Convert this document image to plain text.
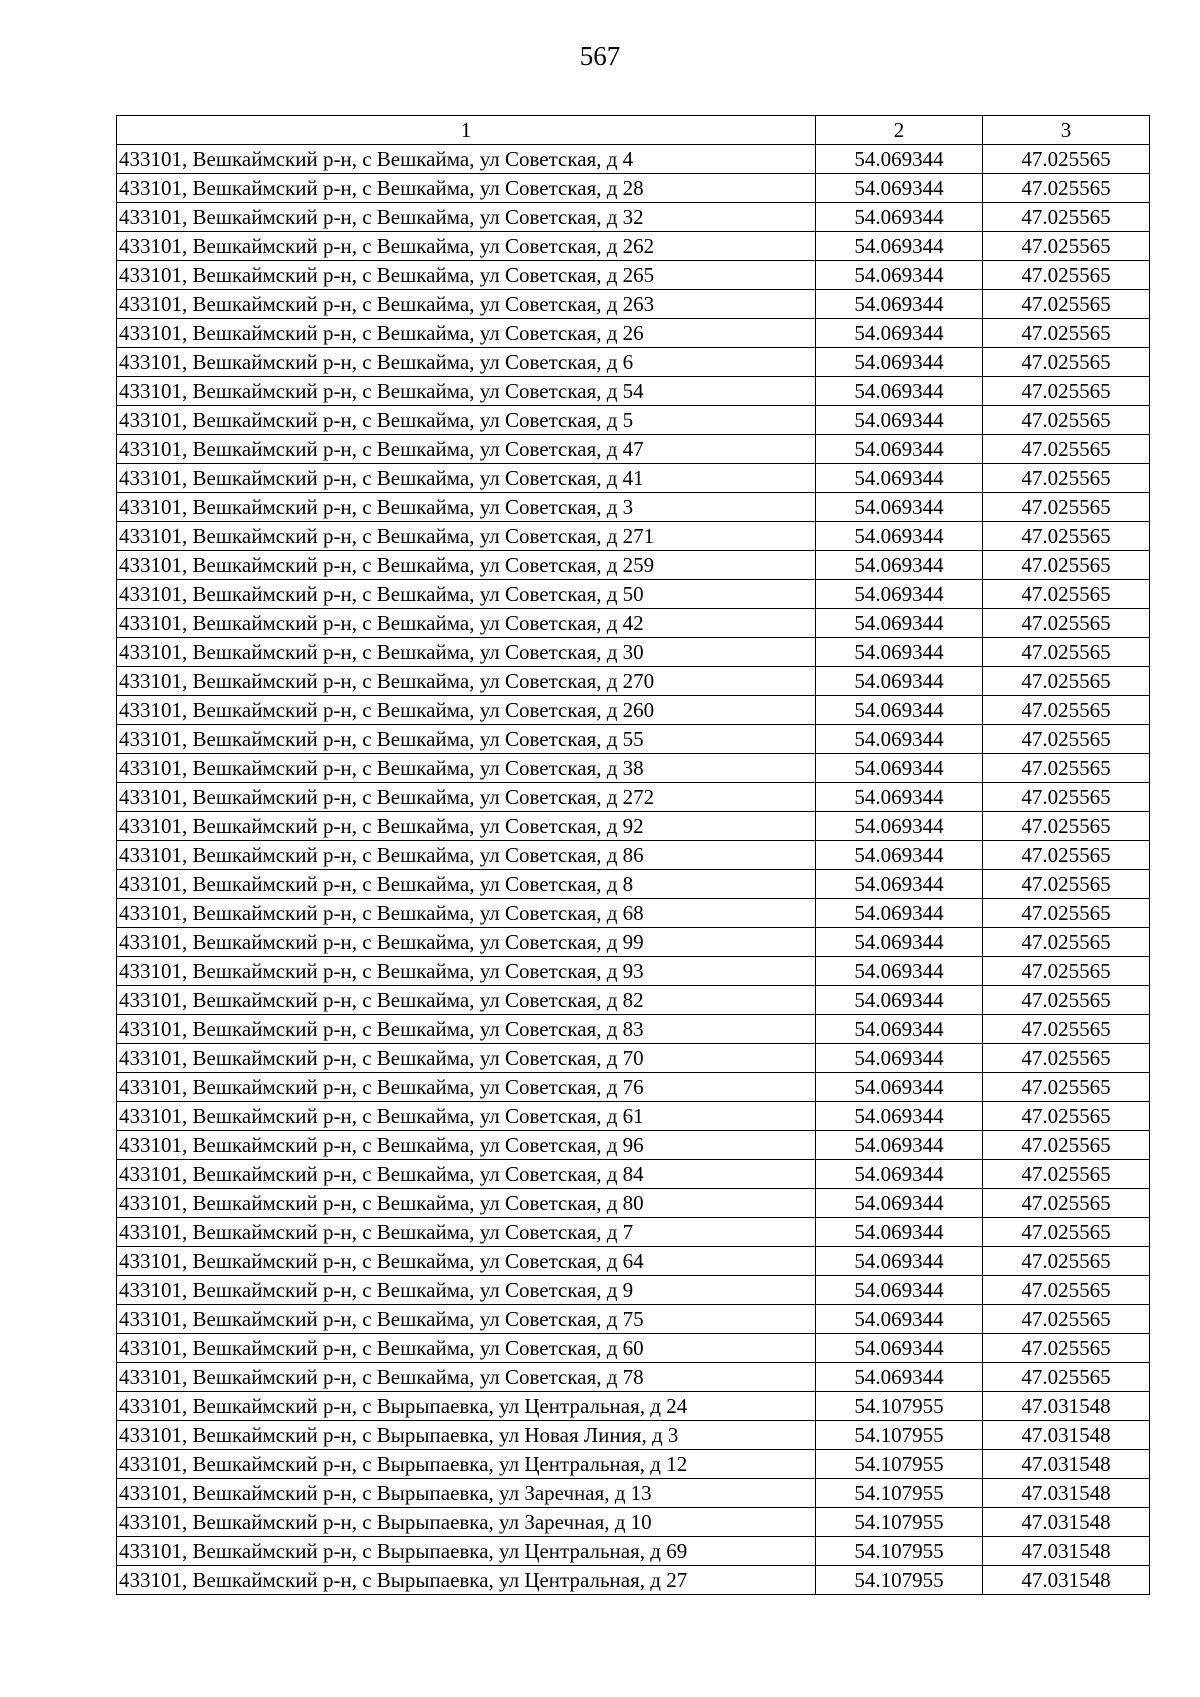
567
1	2	3
433101, Вешкаймский р-н, с Вешкайма, ул Советская, д 4	54.069344	47.025565
433101, Вешкаймский р-н, с Вешкайма, ул Советская, д 28	54.069344	47.025565
433101, Вешкаймский р-н, с Вешкайма, ул Советская, д 32	54.069344	47.025565
433101, Вешкаймский р-н, с Вешкайма, ул Советская, д 262	54.069344	47.025565
433101, Вешкаймский р-н, с Вешкайма, ул Советская, д 265	54.069344	47.025565
433101, Вешкаймский р-н, с Вешкайма, ул Советская, д 263	54.069344	47.025565
433101, Вешкаймский р-н, с Вешкайма, ул Советская, д 26	54.069344	47.025565
433101, Вешкаймский р-н, с Вешкайма, ул Советская, д 6	54.069344	47.025565
433101, Вешкаймский р-н, с Вешкайма, ул Советская, д 54	54.069344	47.025565
433101, Вешкаймский р-н, с Вешкайма, ул Советская, д 5	54.069344	47.025565
433101, Вешкаймский р-н, с Вешкайма, ул Советская, д 47	54.069344	47.025565
433101, Вешкаймский р-н, с Вешкайма, ул Советская, д 41	54.069344	47.025565
433101, Вешкаймский р-н, с Вешкайма, ул Советская, д 3	54.069344	47.025565
433101, Вешкаймский р-н, с Вешкайма, ул Советская, д 271	54.069344	47.025565
433101, Вешкаймский р-н, с Вешкайма, ул Советская, д 259	54.069344	47.025565
433101, Вешкаймский р-н, с Вешкайма, ул Советская, д 50	54.069344	47.025565
433101, Вешкаймский р-н, с Вешкайма, ул Советская, д 42	54.069344	47.025565
433101, Вешкаймский р-н, с Вешкайма, ул Советская, д 30	54.069344	47.025565
433101, Вешкаймский р-н, с Вешкайма, ул Советская, д 270	54.069344	47.025565
433101, Вешкаймский р-н, с Вешкайма, ул Советская, д 260	54.069344	47.025565
433101, Вешкаймский р-н, с Вешкайма, ул Советская, д 55	54.069344	47.025565
433101, Вешкаймский р-н, с Вешкайма, ул Советская, д 38	54.069344	47.025565
433101, Вешкаймский р-н, с Вешкайма, ул Советская, д 272	54.069344	47.025565
433101, Вешкаймский р-н, с Вешкайма, ул Советская, д 92	54.069344	47.025565
433101, Вешкаймский р-н, с Вешкайма, ул Советская, д 86	54.069344	47.025565
433101, Вешкаймский р-н, с Вешкайма, ул Советская, д 8	54.069344	47.025565
433101, Вешкаймский р-н, с Вешкайма, ул Советская, д 68	54.069344	47.025565
433101, Вешкаймский р-н, с Вешкайма, ул Советская, д 99	54.069344	47.025565
433101, Вешкаймский р-н, с Вешкайма, ул Советская, д 93	54.069344	47.025565
433101, Вешкаймский р-н, с Вешкайма, ул Советская, д 82	54.069344	47.025565
433101, Вешкаймский р-н, с Вешкайма, ул Советская, д 83	54.069344	47.025565
433101, Вешкаймский р-н, с Вешкайма, ул Советская, д 70	54.069344	47.025565
433101, Вешкаймский р-н, с Вешкайма, ул Советская, д 76	54.069344	47.025565
433101, Вешкаймский р-н, с Вешкайма, ул Советская, д 61	54.069344	47.025565
433101, Вешкаймский р-н, с Вешкайма, ул Советская, д 96	54.069344	47.025565
433101, Вешкаймский р-н, с Вешкайма, ул Советская, д 84	54.069344	47.025565
433101, Вешкаймский р-н, с Вешкайма, ул Советская, д 80	54.069344	47.025565
433101, Вешкаймский р-н, с Вешкайма, ул Советская, д 7	54.069344	47.025565
433101, Вешкаймский р-н, с Вешкайма, ул Советская, д 64	54.069344	47.025565
433101, Вешкаймский р-н, с Вешкайма, ул Советская, д 9	54.069344	47.025565
433101, Вешкаймский р-н, с Вешкайма, ул Советская, д 75	54.069344	47.025565
433101, Вешкаймский р-н, с Вешкайма, ул Советская, д 60	54.069344	47.025565
433101, Вешкаймский р-н, с Вешкайма, ул Советская, д 78	54.069344	47.025565
433101, Вешкаймский р-н, с Вырыпаевка, ул Центральная, д 24	54.107955	47.031548
433101, Вешкаймский р-н, с Вырыпаевка, ул Новая Линия, д 3	54.107955	47.031548
433101, Вешкаймский р-н, с Вырыпаевка, ул Центральная, д 12	54.107955	47.031548
433101, Вешкаймский р-н, с Вырыпаевка, ул Заречная, д 13	54.107955	47.031548
433101, Вешкаймский р-н, с Вырыпаевка, ул Заречная, д 10	54.107955	47.031548
433101, Вешкаймский р-н, с Вырыпаевка, ул Центральная, д 69	54.107955	47.031548
433101, Вешкаймский р-н, с Вырыпаевка, ул Центральная, д 27	54.107955	47.031548
